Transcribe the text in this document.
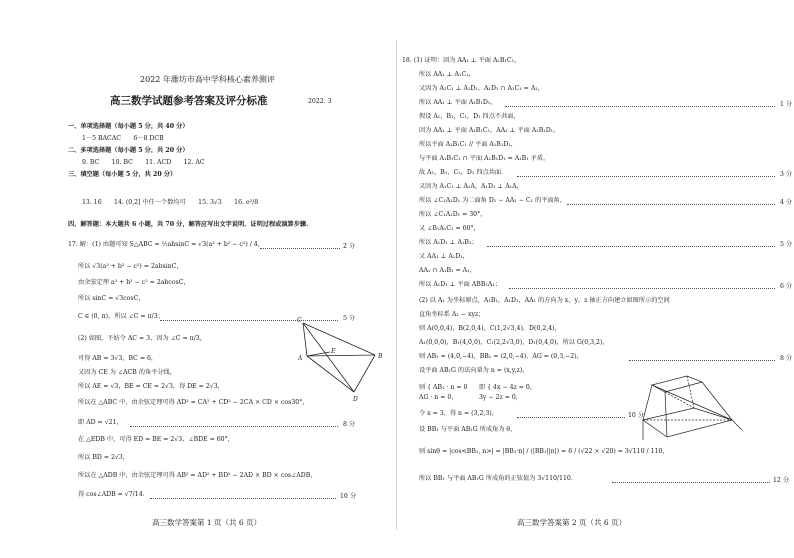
2022 年潍坊市高中学科核心素养测评
高三数学试题参考答案及评分标准	2022. 3
一、单项选择题（每小题 5 分，共 40 分）
1－5 BACAC　　6－8 DCB
二、多项选择题（每小题 5 分，共 20 分）
9. BC　　10. BC　　11. ACD　　12. AC
三、填空题（每小题 5 分，共 20 分）
13. 16　　14. (0,2] 中任一个数均可　　15. 3√3　　16. e²/8
四、解答题：本大题共 6 小题，共 70 分，解答应写出文字说明、证明过程或演算步骤.
17. 解：(1) 由题可知 S△ABC = ½absinC = √3(a² + b² − c²) / 4，	2 分
所以 √3(a² + b² − c²) = 2absinC，
由余弦定理 a² + b² − c² = 2abcosC，
所以 sinC = √3cosC，
C ∈ (0, π)，所以 ∠C = π/3；	5 分
(2) 如图，不妨令 AC = 3，因为 ∠C = π/3，
可得 AB = 3√3，BC = 6，
又因为 CE 为 ∠ACB 的角平分线，
所以 AE = √3，BE = CE = 2√3，得 DE = 2√3，
所以在 △ABC 中，由余弦定理可得 AD² = CA² + CD² − 2CA × CD × cos30°，
即 AD = √21，	8 分
在 △EDB 中，可得 ED = BE = 2√3，∠BDE = 60°，
所以 BD = 2√3，
所以在 △ADB 中，由余弦定理可得 AB² = AD² + BD² − 2AD × BD × cos∠ADB，
得 cos∠ADB = √7/14．	10 分
C
E
A	B
D
高三数学答案第 1 页（共 6 页）
18. (1) 证明：因为 AA₁ ⊥ 平面 A₁B₁C₁，
所以 AA₁ ⊥ A₁C₁，
又因为 A₁C₁ ⊥ A₁D₁，A₁D₁ ∩ A₁C₁ = A₁，
所以 AA₁ ⊥ 平面 A₁B₁D₁，	1 分
假设 A₁，B₁，C₁，D₁ 四点不共面，
因为 AA₁ ⊥ 平面 A₁B₁C₁，AA₁ ⊥ 平面 A₁B₁D₁，
所以平面 A₁B₁C₁ // 平面 A₁B₁D₁，
与平面 A₁B₁C₁ ∩ 平面 A₁B₁D₁ = A₁B₁ 矛盾，
故 A₁，B₁，C₁，D₁ 四点共面．	3 分
又因为 A₁C₁ ⊥ A₁A，A₁D₁ ⊥ A₁A，
所以 ∠C₁A₁D₁ 为二面角 D₁ − AA₁ − C₁ 的平面角，	4 分
所以 ∠C₁A₁D₁ = 30°，
又 ∠B₁A₁C₁ = 60°，
所以 A₁D₁ ⊥ A₁B₁；	5 分
又 AA₁ ⊥ A₁D₁，
AA₁ ∩ A₁B₁ = A₁，
所以 A₁D₁ ⊥ 平面 ABB₁A₁；	6 分
(2) 以 A₁ 为坐标原点，A₁B₁，A₁D₁，AA₁ 的方向为 x，y，z 轴正方向建立如图所示的空间
直角坐标系 A₁ − xyz；
则 A(0,0,4)，B(2,0,4)，C(1,2√3,4)，D(0,2,4)，
A₁(0,0,0)，B₁(4,0,0)，C₁(2,2√3,0)，D₁(0,4,0)，所以 G(0,3,2)，
则 AB₁ = (4,0,−4)，BB₁ = (2,0,−4)，AG = (0,3,−2)，	8 分
设平面 AB₁G 的法向量为 n = (x,y,z)，
则 { AB₁ · n = 0
AG · n = 0，
即 { 4x − 4z = 0，
3y − 2z = 0，
令 x = 3，得 n = (3,2,3)，	10 分
设 BB₁ 与平面 AB₁G 所成角为 θ，
则 sinθ = |cos<BB₁, n>| = |BB₁·n| / (|BB₁||n|) = 6 / (√22 × √20) = 3√110 / 110，
所以 BB₁ 与平面 AB₁G 所成角的正弦值为 3√110/110．	12 分
高三数学答案第 2 页（共 6 页）
